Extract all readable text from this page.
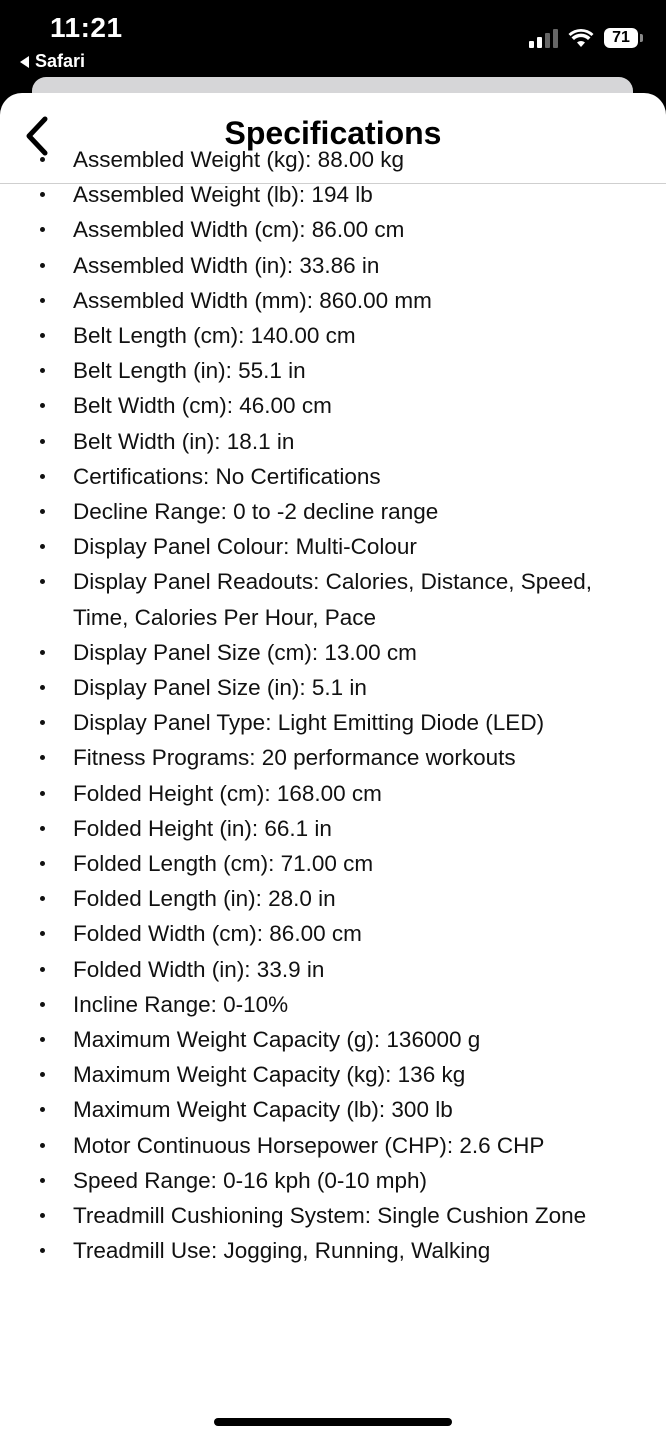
11:21
Safari
71
Specifications
Assembled Weight (kg): 88.00 kg
Assembled Weight (lb): 194 lb
Assembled Width (cm): 86.00 cm
Assembled Width (in): 33.86 in
Assembled Width (mm): 860.00 mm
Belt Length (cm): 140.00 cm
Belt Length (in): 55.1 in
Belt Width (cm): 46.00 cm
Belt Width (in): 18.1 in
Certifications: No Certifications
Decline Range: 0 to -2 decline range
Display Panel Colour: Multi-Colour
Display Panel Readouts: Calories, Distance, Speed, Time, Calories Per Hour, Pace
Display Panel Size (cm): 13.00 cm
Display Panel Size (in): 5.1 in
Display Panel Type: Light Emitting Diode (LED)
Fitness Programs: 20 performance workouts
Folded Height (cm): 168.00 cm
Folded Height (in): 66.1 in
Folded Length (cm): 71.00 cm
Folded Length (in): 28.0 in
Folded Width (cm): 86.00 cm
Folded Width (in): 33.9 in
Incline Range: 0-10%
Maximum Weight Capacity (g): 136000 g
Maximum Weight Capacity (kg): 136 kg
Maximum Weight Capacity (lb): 300 lb
Motor Continuous Horsepower (CHP): 2.6 CHP
Speed Range: 0-16 kph (0-10 mph)
Treadmill Cushioning System: Single Cushion Zone
Treadmill Use: Jogging, Running, Walking
